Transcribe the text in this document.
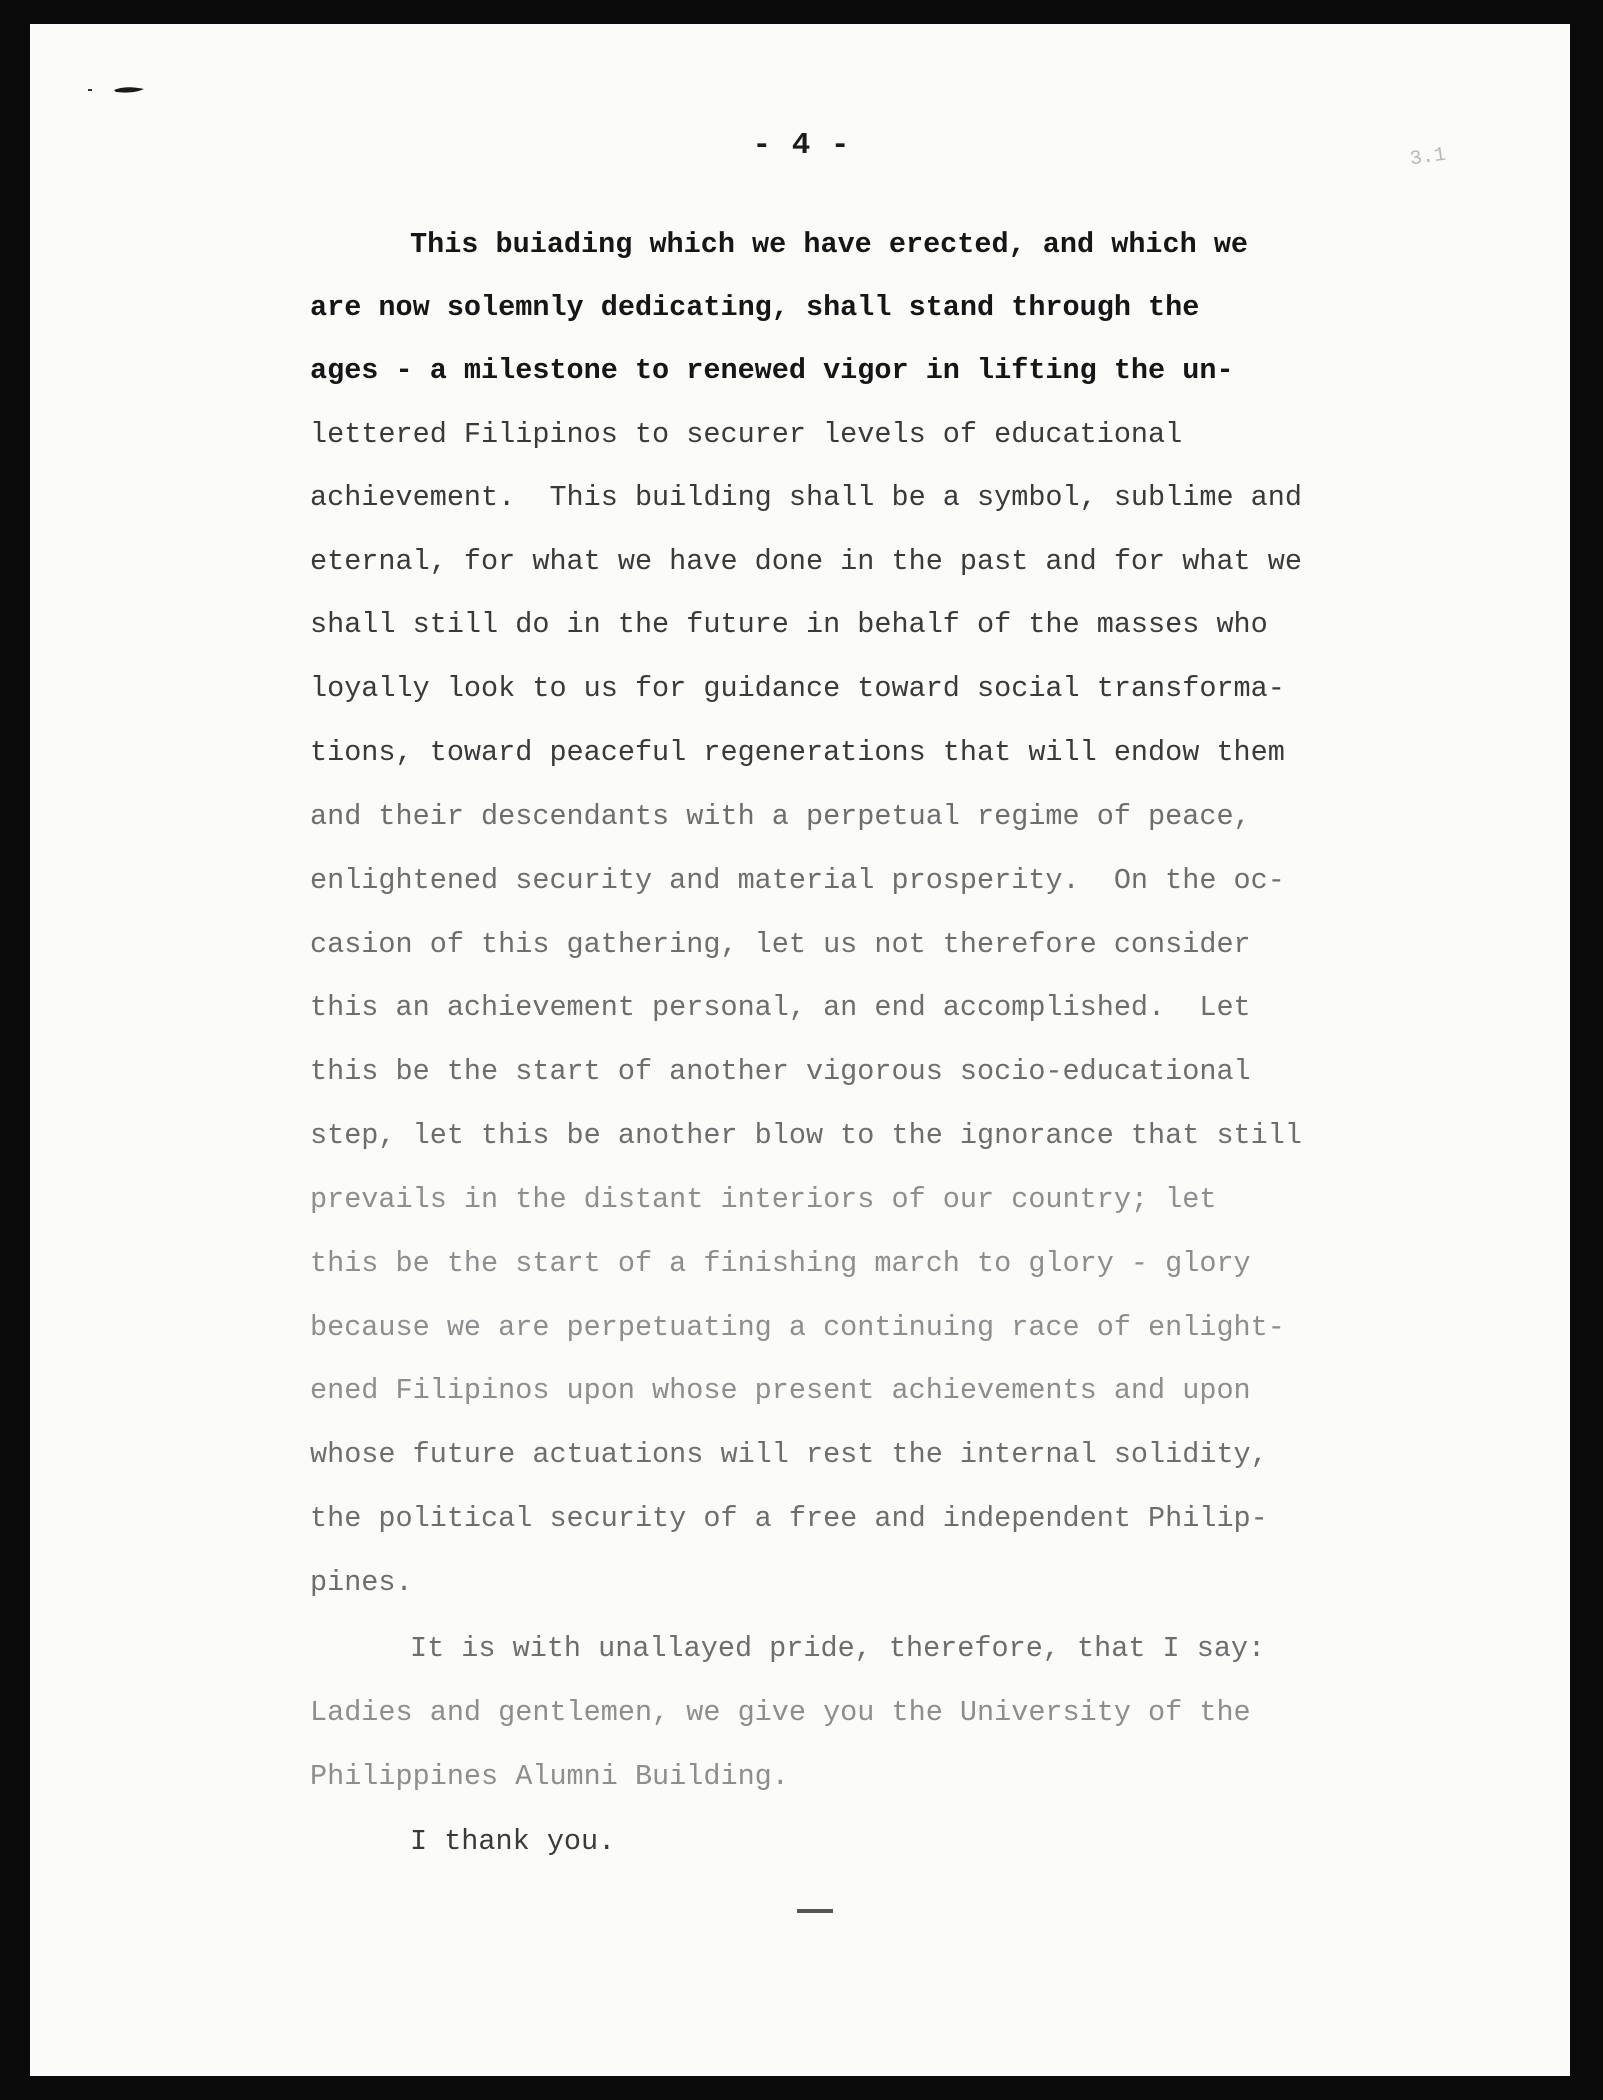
- 4 -	3.1
This buiading which we have erected, and which we
are now solemnly dedicating, shall stand through the
ages - a milestone to renewed vigor in lifting the un-
lettered Filipinos to securer levels of educational
achievement.  This building shall be a symbol, sublime and
eternal, for what we have done in the past and for what we
shall still do in the future in behalf of the masses who
loyally look to us for guidance toward social transforma-
tions, toward peaceful regenerations that will endow them
and their descendants with a perpetual regime of peace,
enlightened security and material prosperity.  On the oc-
casion of this gathering, let us not therefore consider
this an achievement personal, an end accomplished.  Let
this be the start of another vigorous socio-educational
step, let this be another blow to the ignorance that still
prevails in the distant interiors of our country; let
this be the start of a finishing march to glory - glory
because we are perpetuating a continuing race of enlight-
ened Filipinos upon whose present achievements and upon
whose future actuations will rest the internal solidity,
the political security of a free and independent Philip-
pines.
It is with unallayed pride, therefore, that I say:
Ladies and gentlemen, we give you the University of the
Philippines Alumni Building.
I thank you.
